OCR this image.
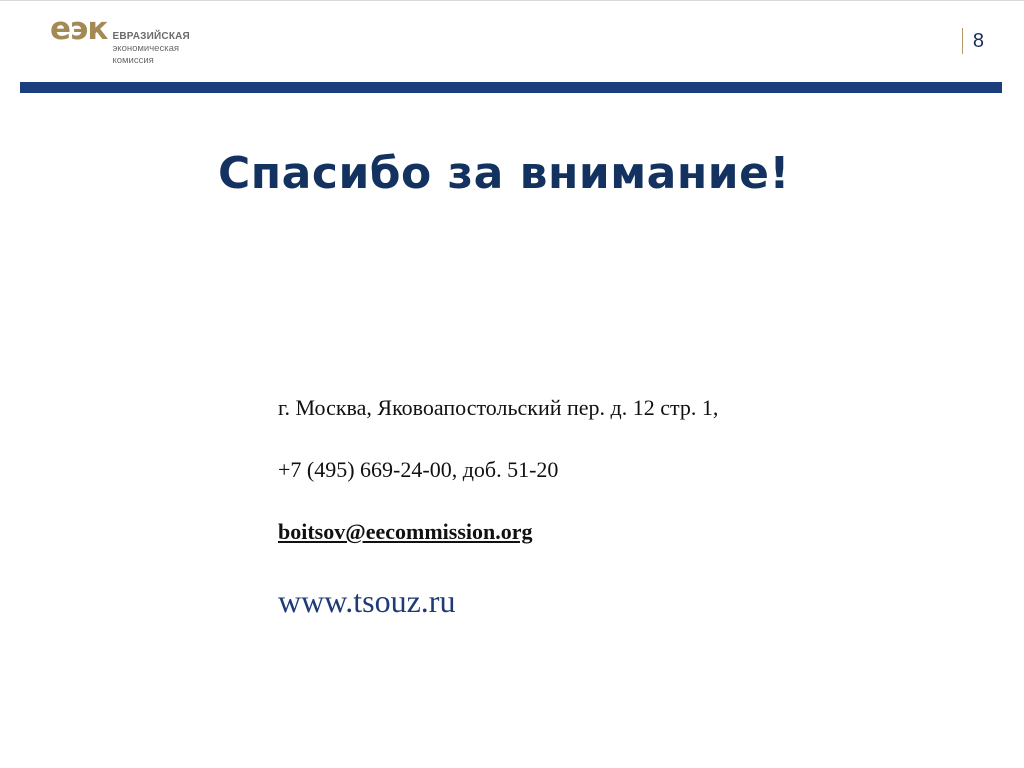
еэк ЕВРАЗИЙСКАЯ
экономическая
комиссия
8
Спасибо за внимание!
г. Москва, Яковоапостольский пер. д. 12 стр. 1,
+7 (495) 669-24-00, доб. 51-20
boitsov@eecommission.org
www.tsouz.ru
